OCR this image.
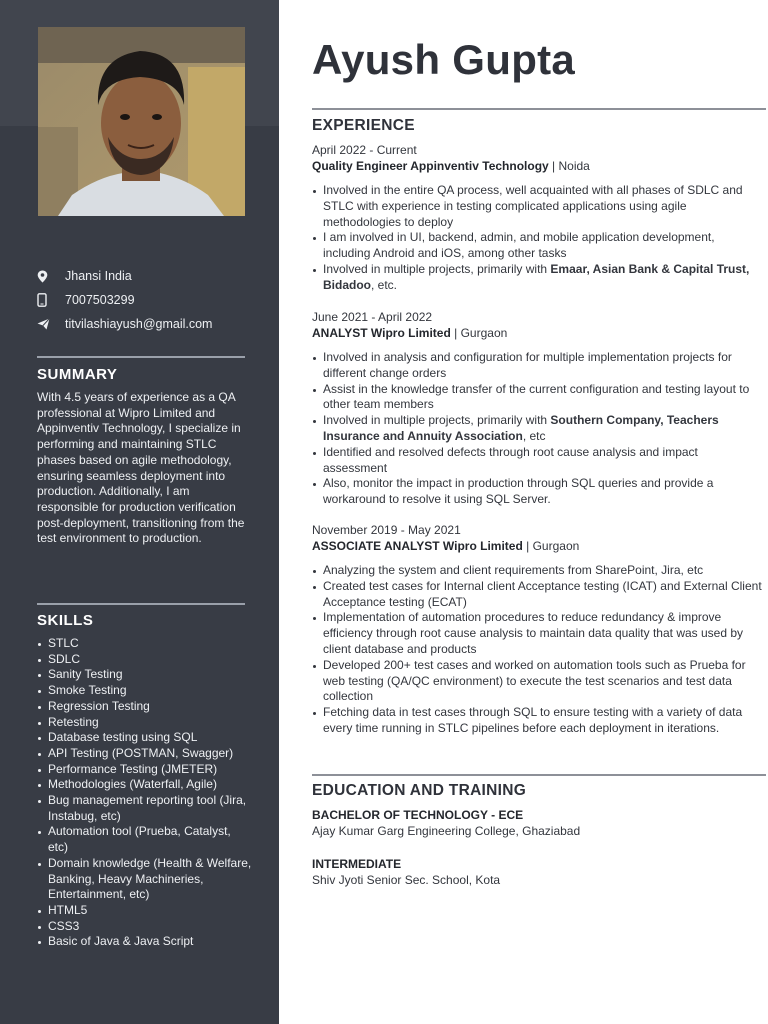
Jhansi India
7007503299
titvilashiayush@gmail.com
SUMMARY
With 4.5 years of experience as a QA professional at Wipro Limited and Appinventiv Technology, I specialize in performing and maintaining STLC phases based on agile methodology, ensuring seamless deployment into production. Additionally, I am responsible for production verification post-deployment, transitioning from the test environment to production.
SKILLS
STLC
SDLC
Sanity Testing
Smoke Testing
Regression Testing
Retesting
Database testing using SQL
API Testing (POSTMAN, Swagger)
Performance Testing (JMETER)
Methodologies (Waterfall, Agile)
Bug management reporting tool (Jira, Instabug, etc)
Automation tool (Prueba, Catalyst, etc)
Domain knowledge (Health & Welfare, Banking, Heavy Machineries, Entertainment, etc)
HTML5
CSS3
Basic of Java & Java Script
Ayush Gupta
EXPERIENCE
April 2022 - Current
Quality Engineer Appinventiv Technology | Noida
Involved in the entire QA process, well acquainted with all phases of SDLC and STLC with experience in testing complicated applications using agile methodologies to deploy
I am involved in UI, backend, admin, and mobile application development, including Android and iOS, among other tasks
Involved in multiple projects, primarily with Emaar, Asian Bank & Capital Trust, Bidadoo, etc.
June 2021 - April 2022
ANALYST Wipro Limited | Gurgaon
Involved in analysis and configuration for multiple implementation projects for different change orders
Assist in the knowledge transfer of the current configuration and testing layout to other team members
Involved in multiple projects, primarily with Southern Company, Teachers Insurance and Annuity Association, etc
Identified and resolved defects through root cause analysis and impact assessment
Also, monitor the impact in production through SQL queries and provide a workaround to resolve it using SQL Server.
November 2019 - May 2021
ASSOCIATE ANALYST Wipro Limited | Gurgaon
Analyzing the system and client requirements from SharePoint, Jira, etc
Created test cases for Internal client Acceptance testing (ICAT) and External Client Acceptance testing (ECAT)
Implementation of automation procedures to reduce redundancy & improve efficiency through root cause analysis to maintain data quality that was used by client database and products
Developed 200+ test cases and worked on automation tools such as Prueba for web testing (QA/QC environment) to execute the test scenarios and test data collection
Fetching data in test cases through SQL to ensure testing with a variety of data every time running in STLC pipelines before each deployment in iterations.
EDUCATION AND TRAINING
BACHELOR OF TECHNOLOGY - ECE
Ajay Kumar Garg Engineering College, Ghaziabad
INTERMEDIATE
Shiv Jyoti Senior Sec. School, Kota
